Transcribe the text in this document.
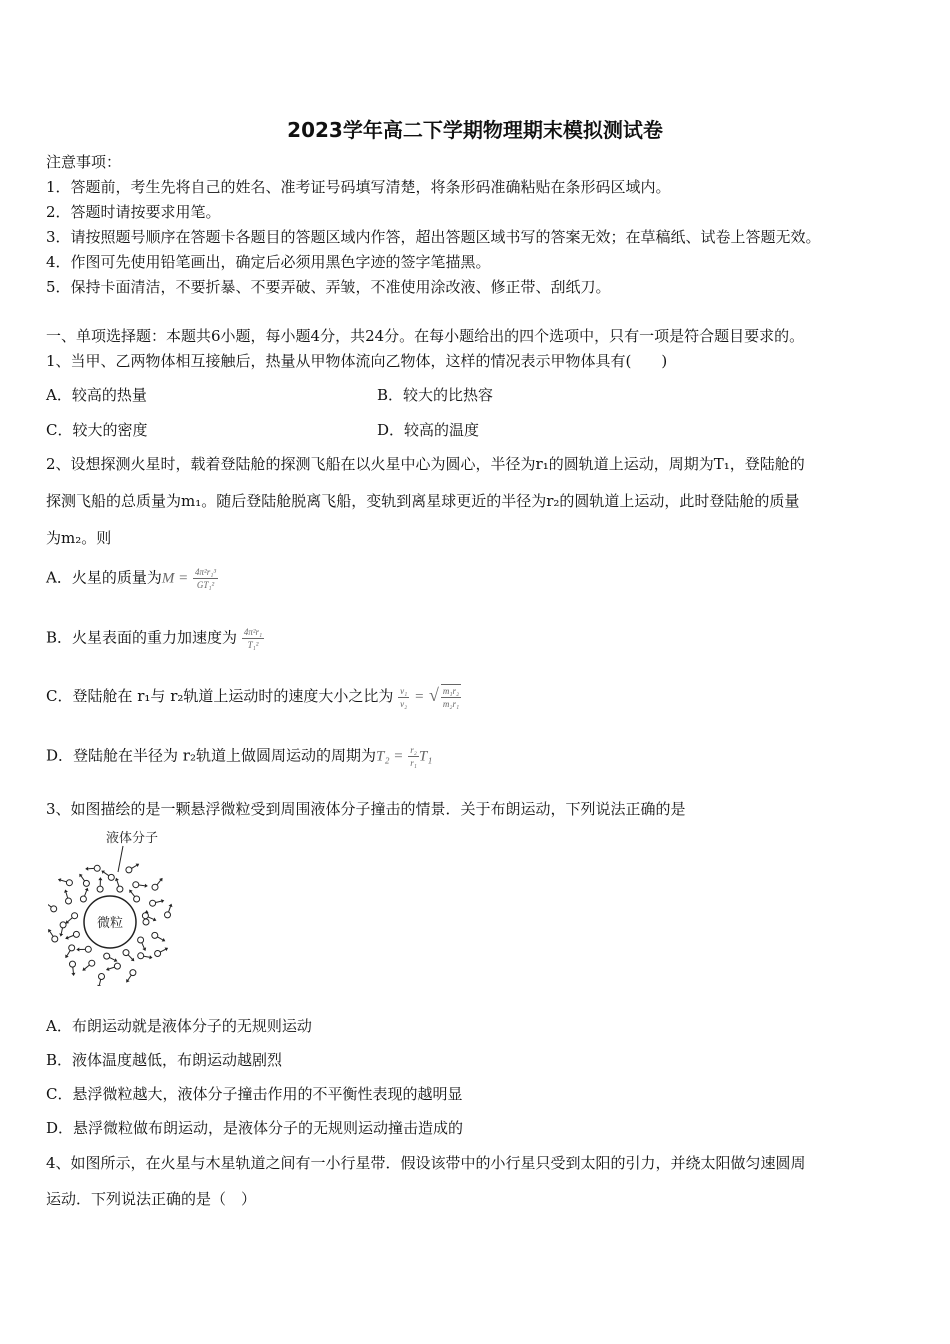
2023学年高二下学期物理期末模拟测试卷
注意事项：
1．答题前，考生先将自己的姓名、准考证号码填写清楚，将条形码准确粘贴在条形码区域内。
2．答题时请按要求用笔。
3．请按照题号顺序在答题卡各题目的答题区域内作答，超出答题区域书写的答案无效；在草稿纸、试卷上答题无效。
4．作图可先使用铅笔画出，确定后必须用黑色字迹的签字笔描黑。
5．保持卡面清洁，不要折暴、不要弄破、弄皱，不准使用涂改液、修正带、刮纸刀。
一、单项选择题：本题共6小题，每小题4分，共24分。在每小题给出的四个选项中，只有一项是符合题目要求的。
1、当甲、乙两物体相互接触后，热量从甲物体流向乙物体，这样的情况表示甲物体具有(　　)
A．较高的热量	B．较大的比热容
C．较大的密度	D．较高的温度
2、设想探测火星时，载着登陆舱的探测飞船在以火星中心为圆心，半径为r₁的圆轨道上运动，周期为T₁，登陆舱的
探测飞船的总质量为m₁。随后登陆舱脱离飞船，变轨到离星球更近的半径为r₂的圆轨道上运动，此时登陆舱的质量
为m₂。则
A．火星的质量为$M = \frac{\text{4π²r₁³}}{\text{GT₁²}}$
B．火星表面的重力加速度为 $\frac{\text{4π²r₁}}{\text{T₁²}}$
C．登陆舱在 r₁与 r₂轨道上运动时的速度大小之比为 $\frac{\text{v₁}}{\text{v₂}}$ = √ $\frac{\text{m₁r₂}}{\text{m₂r₁}}$
D．登陆舱在半径为 r₂轨道上做圆周运动的周期为$T_2 = \frac{\text{r₂}}{\text{r₁}} T_1$
3、如图描绘的是一颗悬浮微粒受到周围液体分子撞击的情景．关于布朗运动，下列说法正确的是
液体分子
微粒
A．布朗运动就是液体分子的无规则运动
B．液体温度越低，布朗运动越剧烈
C．悬浮微粒越大，液体分子撞击作用的不平衡性表现的越明显
D．悬浮微粒做布朗运动，是液体分子的无规则运动撞击造成的
4、如图所示，在火星与木星轨道之间有一小行星带．假设该带中的小行星只受到太阳的引力，并绕太阳做匀速圆周
运动．下列说法正确的是（　）
